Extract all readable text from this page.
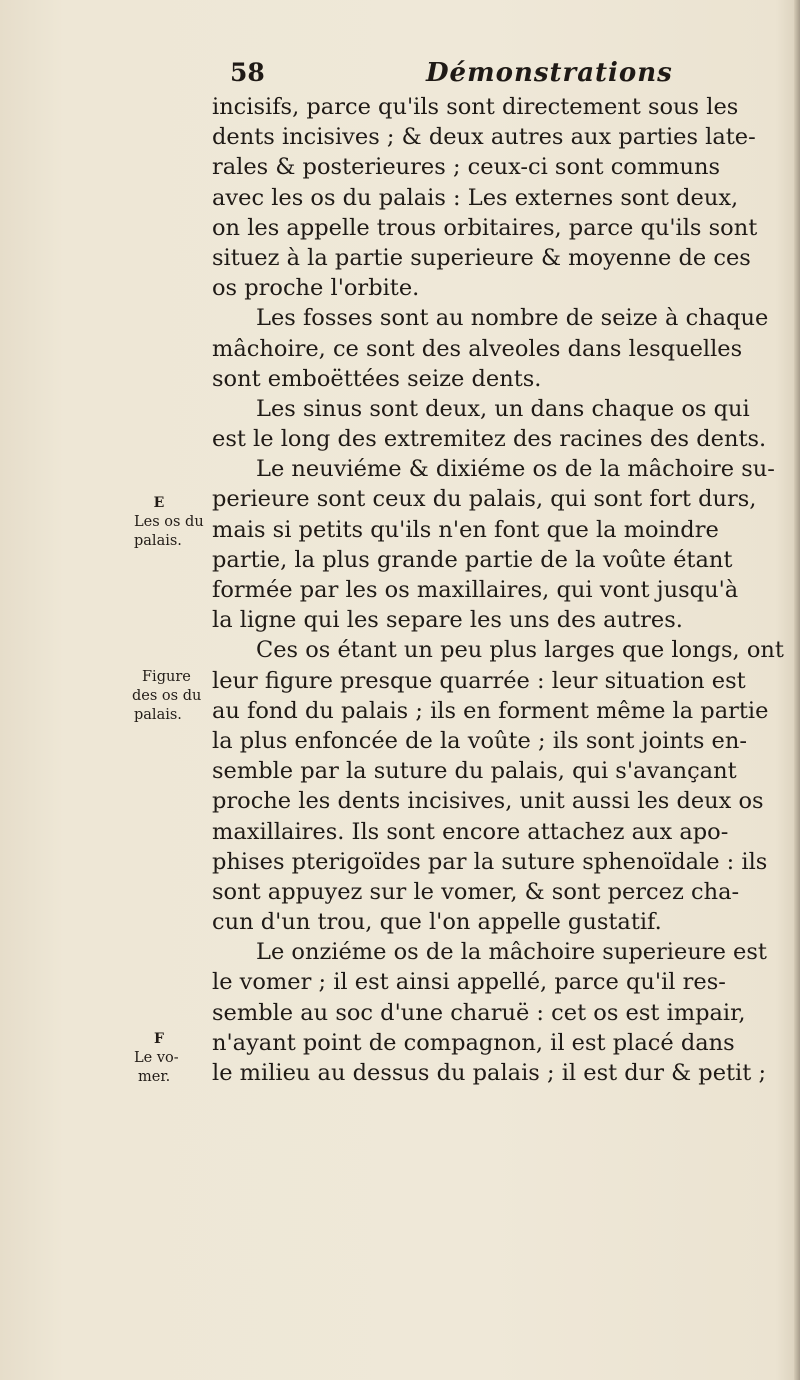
58	Démonstrations
E
Les os du
palais.
Figure
des os du
palais.
F
Le vo-
mer.
incisifs, parce qu'ils sont directement sous les
dents incisives ; & deux autres aux parties late-
rales & posterieures ; ceux-ci sont communs
avec les os du palais : Les externes sont deux,
on les appelle trous orbitaires, parce qu'ils sont
situez à la partie superieure & moyenne de ces
os proche l'orbite.
Les fosses sont au nombre de seize à chaque
mâchoire, ce sont des alveoles dans lesquelles
sont emboëttées seize dents.
Les sinus sont deux, un dans chaque os qui
est le long des extremitez des racines des dents.
Le neuviéme & dixiéme os de la mâchoire su-
perieure sont ceux du palais, qui sont fort durs,
mais si petits qu'ils n'en font que la moindre
partie, la plus grande partie de la voûte étant
formée par les os maxillaires, qui vont jusqu'à
la ligne qui les separe les uns des autres.
Ces os étant un peu plus larges que longs, ont
leur figure presque quarrée : leur situation est
au fond du palais ; ils en forment même la partie
la plus enfoncée de la voûte ; ils sont joints en-
semble par la suture du palais, qui s'avançant
proche les dents incisives, unit aussi les deux os
maxillaires. Ils sont encore attachez aux apo-
phises pterigoïdes par la suture sphenoïdale : ils
sont appuyez sur le vomer, & sont percez cha-
cun d'un trou, que l'on appelle gustatif.
Le onziéme os de la mâchoire superieure est
le vomer ; il est ainsi appellé, parce qu'il res-
semble au soc d'une charuë : cet os est impair,
n'ayant point de compagnon, il est placé dans
le milieu au dessus du palais ; il est dur & petit ;
